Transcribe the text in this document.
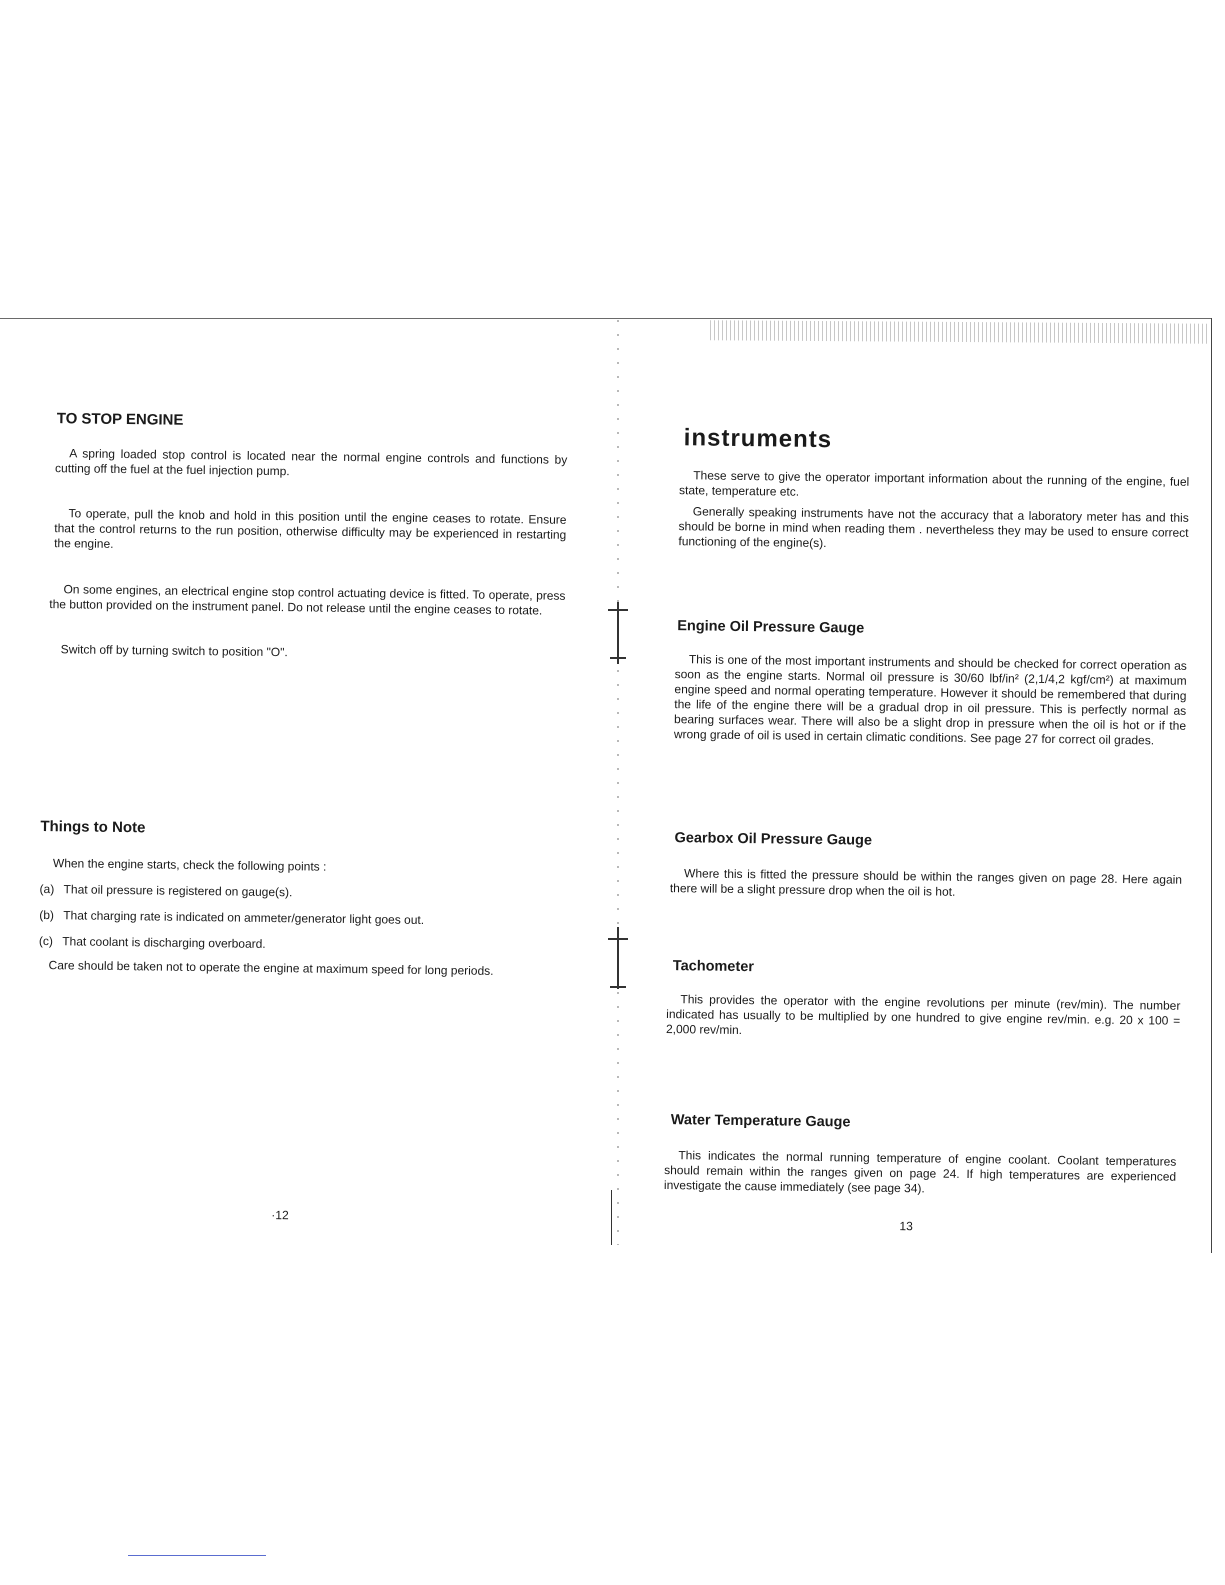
TO STOP ENGINE

A spring loaded stop control is located near the normal engine controls and functions by cutting off the fuel at the fuel injection pump.

To operate, pull the knob and hold in this position until the engine ceases to rotate. Ensure that the control returns to the run position, otherwise difficulty may be experienced in restarting the engine.

On some engines, an electrical engine stop control actuating device is fitted. To operate, press the button provided on the instrument panel. Do not release until the engine ceases to rotate.

Switch off by turning switch to position "O".

Things to Note

When the engine starts, check the following points :

(a) That oil pressure is registered on gauge(s).
(b) That charging rate is indicated on ammeter/generator light goes out.
(c) That coolant is discharging overboard.

Care should be taken not to operate the engine at maximum speed for long periods.

·12
instruments

These serve to give the operator important information about the running of the engine, fuel state, temperature etc.

Generally speaking instruments have not the accuracy that a laboratory meter has and this should be borne in mind when reading them . nevertheless they may be used to ensure correct functioning of the engine(s).

Engine Oil Pressure Gauge

This is one of the most important instruments and should be checked for correct operation as soon as the engine starts. Normal oil pressure is 30/60 lbf/in² (2,1/4,2 kgf/cm²) at maximum engine speed and normal operating temperature. However it should be remembered that during the life of the engine there will be a gradual drop in oil pressure. This is perfectly normal as bearing surfaces wear. There will also be a slight drop in pressure when the oil is hot or if the wrong grade of oil is used in certain climatic conditions. See page 27 for correct oil grades.

Gearbox Oil Pressure Gauge

Where this is fitted the pressure should be within the ranges given on page 28. Here again there will be a slight pressure drop when the oil is hot.

Tachometer

This provides the operator with the engine revolutions per minute (rev/min). The number indicated has usually to be multiplied by one hundred to give engine rev/min. e.g. 20 x 100 = 2,000 rev/min.

Water Temperature Gauge

This indicates the normal running temperature of engine coolant. Coolant temperatures should remain within the ranges given on page 24. If high temperatures are experienced investigate the cause immediately (see page 34).

13
